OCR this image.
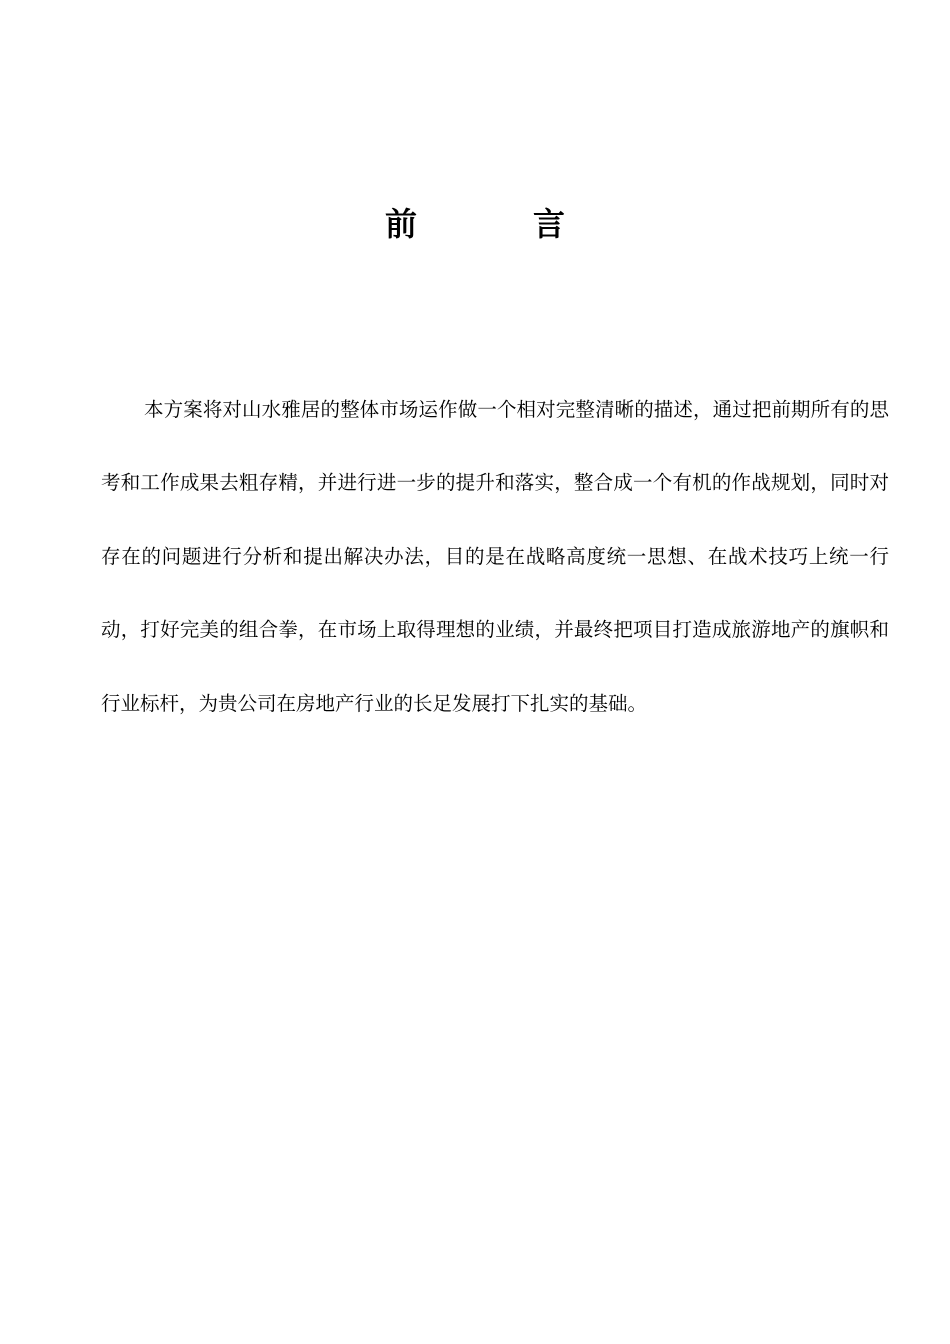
前　言

本方案将对山水雅居的整体市场运作做一个相对完整清晰的描述，通过把前期所有的思考和工作成果去粗存精，并进行进一步的提升和落实，整合成一个有机的作战规划，同时对存在的问题进行分析和提出解决办法，目的是在战略高度统一思想、在战术技巧上统一行动，打好完美的组合拳，在市场上取得理想的业绩，并最终把项目打造成旅游地产的旗帜和行业标杆，为贵公司在房地产行业的长足发展打下扎实的基础。
